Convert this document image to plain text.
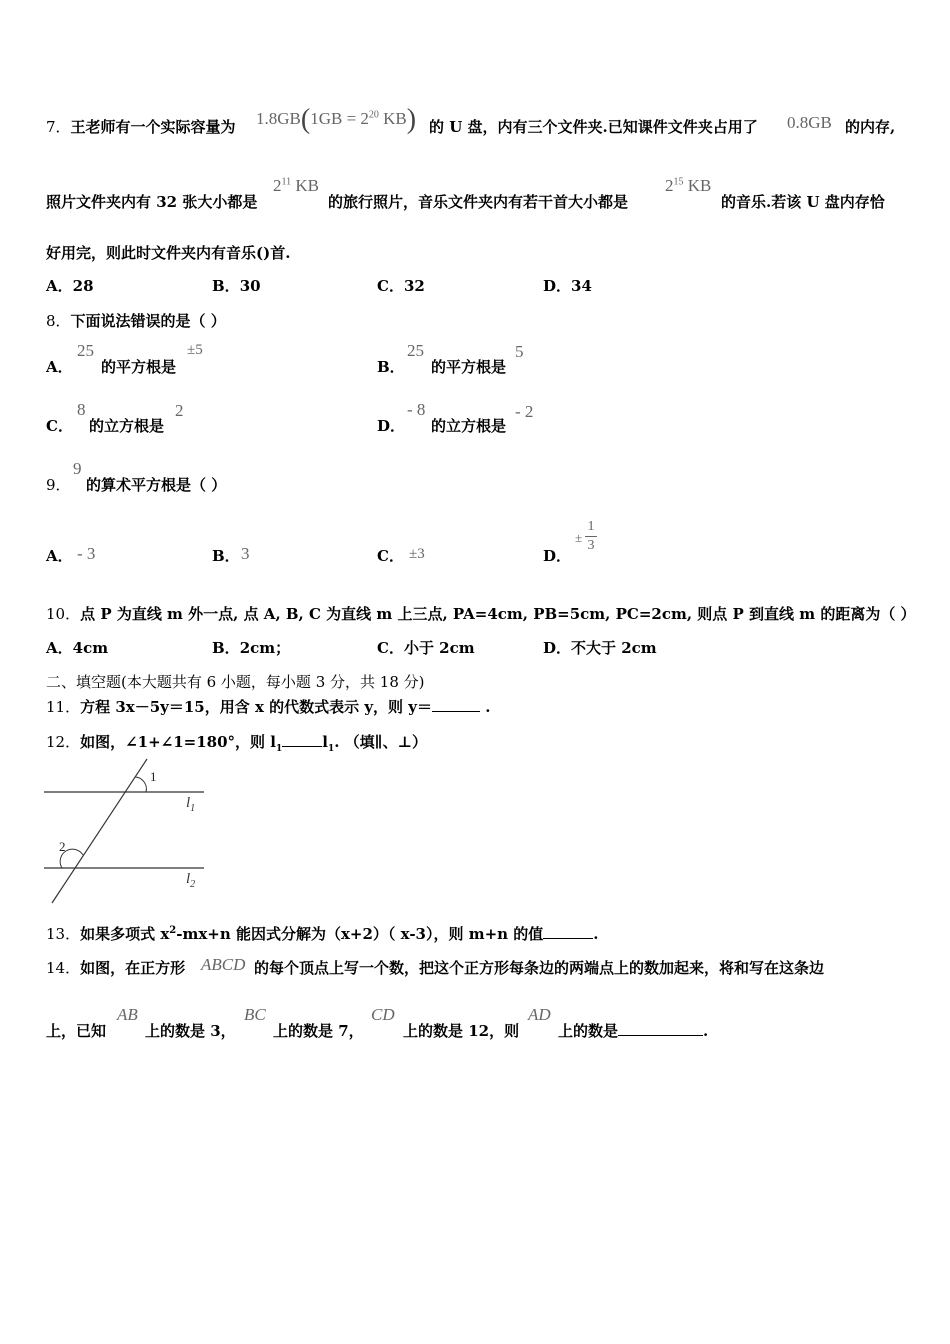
7．王老师有一个实际容量为 $1.8GB(1GB = 2^{20}$ KB) 的 U 盘，内有三个文件夹.已知课件文件夹占用了 0.8GB 的内存,
照片文件夹内有 32 张大小都是
$2^{11}$ KB
的旅行照片，音乐文件夹内有若干首大小都是
$2^{15}$ KB
的音乐.若该 U 盘内存恰
好用完，则此时文件夹内有音乐()首.
A．28	B．30	C．32	D．34
8．下面说法错误的是（ ）
A．
25
的平方根是
±5
B．
25
的平方根是
5
C．
8
的立方根是
2
D．
- 8
的立方根是
- 2
9．
9
的算术平方根是（ ）
A． - 3	B． 3	C． ±3	D．
±
1
3
10．点 P 为直线 m 外一点, 点 A, B, C 为直线 m 上三点, PA=4cm, PB=5cm, PC=2cm, 则点 P 到直线 m 的距离为（ ）
A．4cm	B．2cm；	C．小于 2cm	D．不大于 2cm
二、填空题(本大题共有 6 小题，每小题 3 分，共 18 分)
11．方程 3x－5y＝15，用含 x 的代数式表示 y，则 y＝	.
12．如图，∠1+∠1=180°，则 $l_1$	$l_1$. （填∥、⊥）
1
2
$l_1$
$l_2$
13．如果多项式 $x^2-mx+n$ 能因式分解为（x+2）（ x-3），则 m+n 的值	.
14．如图，在正方形 ABCD 的每个顶点上写一个数，把这个正方形每条边的两端点上的数加起来，将和写在这条边
上，已知
AB
上的数是 3，
BC
上的数是 7，
CD
上的数是 12，则
AD
上的数是	.
